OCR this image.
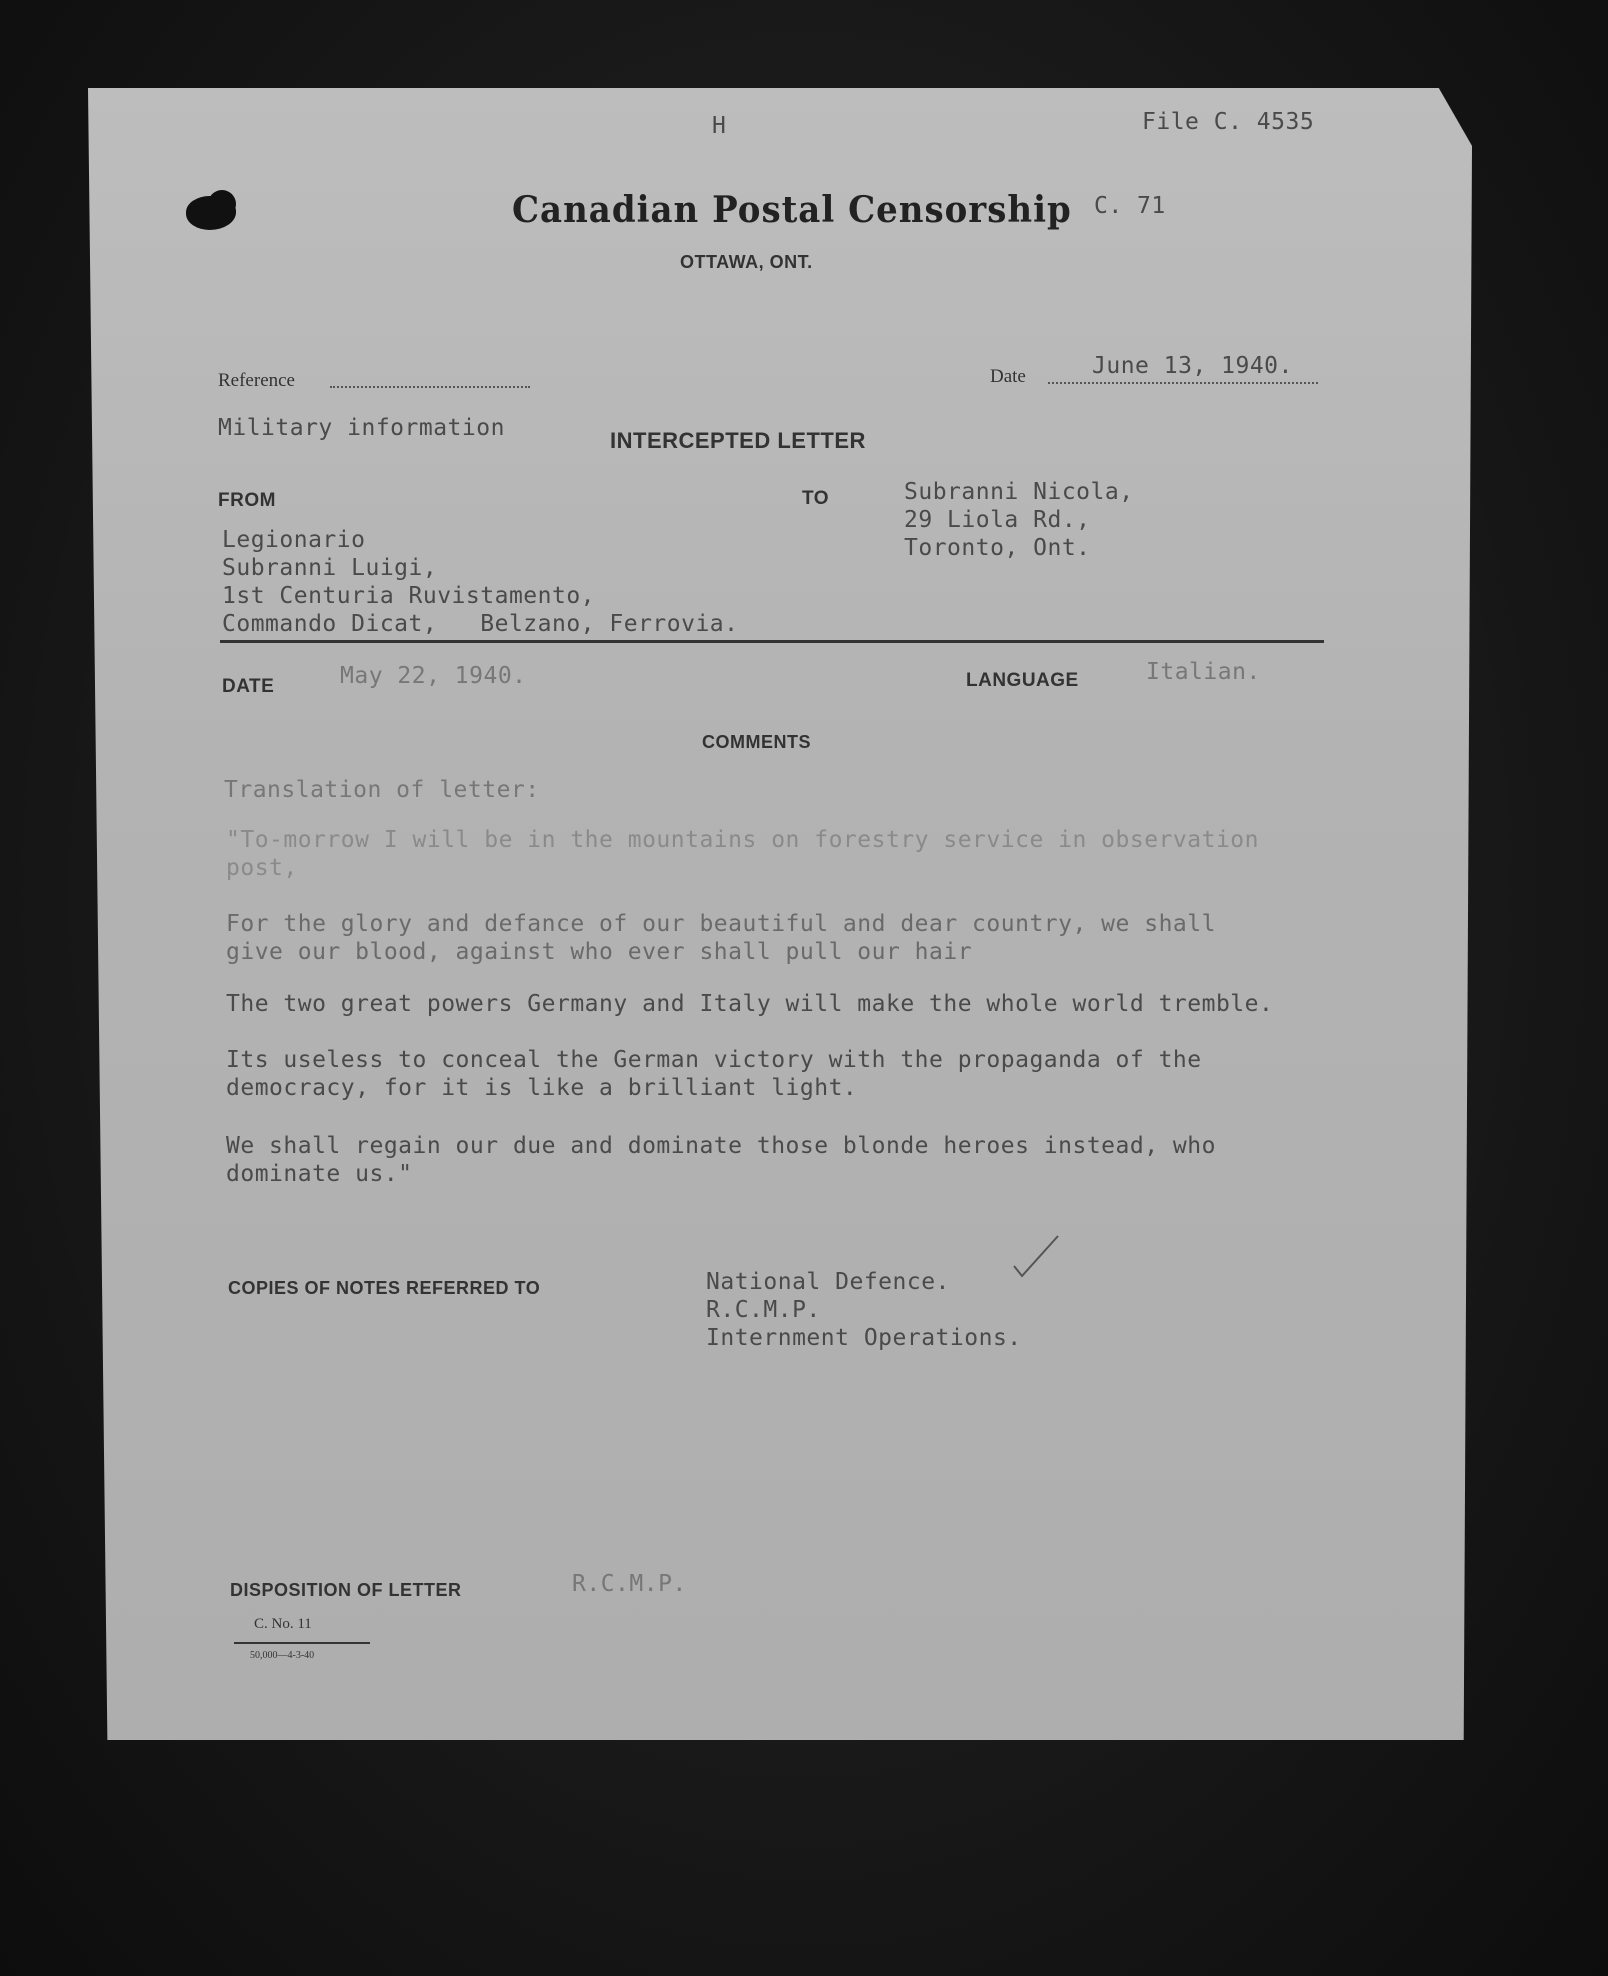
H	File C. 4535
Canadian Postal Censorship C. 71
OTTAWA, ONT.
Reference
Military information
Date	June 13, 1940.
INTERCEPTED LETTER
FROM
Legionario
Subranni Luigi,
1st Centuria Ruvistamento,
Commando Dicat,   Belzano, Ferrovia.
TO	Subranni Nicola,
29 Liola Rd.,
Toronto, Ont.
DATE	May 22, 1940.	LANGUAGE	Italian.
COMMENTS
Translation of letter:
"To-morrow I will be in the mountains on forestry service in observation
post,
For the glory and defance of our beautiful and dear country, we shall
give our blood, against who ever shall pull our hair
The two great powers Germany and Italy will make the whole world tremble.
Its useless to conceal the German victory with the propaganda of the
democracy, for it is like a brilliant light.
We shall regain our due and dominate those blonde heroes instead, who
dominate us."
COPIES OF NOTES REFERRED TO	National Defence.
R.C.M.P.
Internment Operations.
DISPOSITION OF LETTER	R.C.M.P.
C. No. 11
50,000—4-3-40
